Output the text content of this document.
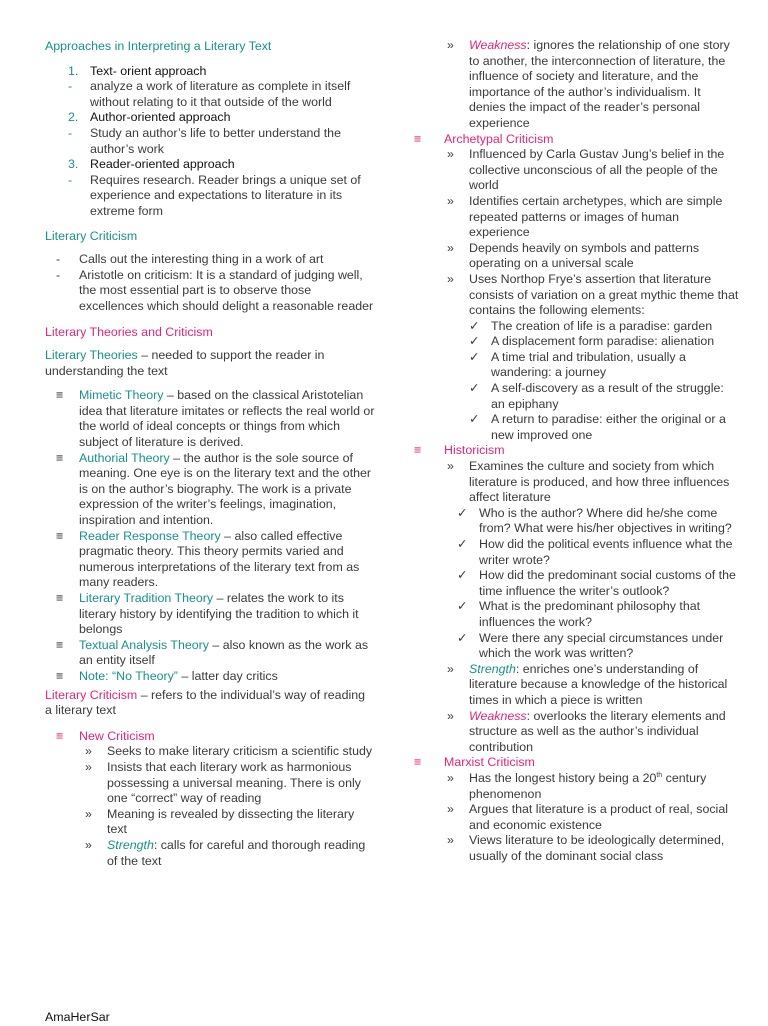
Approaches in Interpreting a Literary Text
1. Text- orient approach
-	analyze a work of literature as complete in itself without relating to it that outside of the world
2. Author-oriented approach
-	Study an author’s life to better understand the author’s work
3. Reader-oriented approach
-	Requires research. Reader brings a unique set of experience and expectations to literature in its extreme form
Literary Criticism
-	Calls out the interesting thing in a work of art
-	Aristotle on criticism: It is a standard of judging well, the most essential part is to observe those excellences which should delight a reasonable reader
Literary Theories and Criticism
Literary Theories – needed to support the reader in understanding the text
≡	Mimetic Theory – based on the classical Aristotelian idea that literature imitates or reflects the real world or the world of ideal concepts or things from which subject of literature is derived.
≡	Authorial Theory – the author is the sole source of meaning. One eye is on the literary text and the other is on the author’s biography. The work is a private expression of the writer’s feelings, imagination, inspiration and intention.
≡	Reader Response Theory – also called effective pragmatic theory. This theory permits varied and numerous interpretations of the literary text from as many readers.
≡	Literary Tradition Theory – relates the work to its literary history by identifying the tradition to which it belongs
≡	Textual Analysis Theory – also known as the work as an entity itself
≡	Note: “No Theory” – latter day critics
Literary Criticism – refers to the individual’s way of reading a literary text
≡	New Criticism
»	Seeks to make literary criticism a scientific study
»	Insists that each literary work as harmonious possessing a universal meaning. There is only one “correct” way of reading
»	Meaning is revealed by dissecting the literary text
»	Strength: calls for careful and thorough reading of the text
»	Weakness: ignores the relationship of one story to another, the interconnection of literature, the influence of society and literature, and the importance of the author’s individualism. It denies the impact of the reader’s personal experience
≡	Archetypal Criticism
»	Influenced by Carla Gustav Jung’s belief in the collective unconscious of all the people of the world
»	Identifies certain archetypes, which are simple repeated patterns or images of human experience
»	Depends heavily on symbols and patterns operating on a universal scale
»	Uses Northop Frye’s assertion that literature consists of variation on a great mythic theme that contains the following elements:
✓ The creation of life is a paradise: garden
✓ A displacement form paradise: alienation
✓ A time trial and tribulation, usually a wandering: a journey
✓ A self-discovery as a result of the struggle: an epiphany
✓ A return to paradise: either the original or a new improved one
≡	Historicism
»	Examines the culture and society from which literature is produced, and how three influences affect literature
✓ Who is the author? Where did he/she come from? What were his/her objectives in writing?
✓ How did the political events influence what the writer wrote?
✓ How did the predominant social customs of the time influence the writer’s outlook?
✓ What is the predominant philosophy that influences the work?
✓ Were there any special circumstances under which the work was written?
»	Strength: enriches one’s understanding of literature because a knowledge of the historical times in which a piece is written
»	Weakness: overlooks the literary elements and structure as well as the author’s individual contribution
≡	Marxist Criticism
»	Has the longest history being a 20th century phenomenon
»	Argues that literature is a product of real, social and economic existence
»	Views literature to be ideologically determined, usually of the dominant social class
AmaHerSar
